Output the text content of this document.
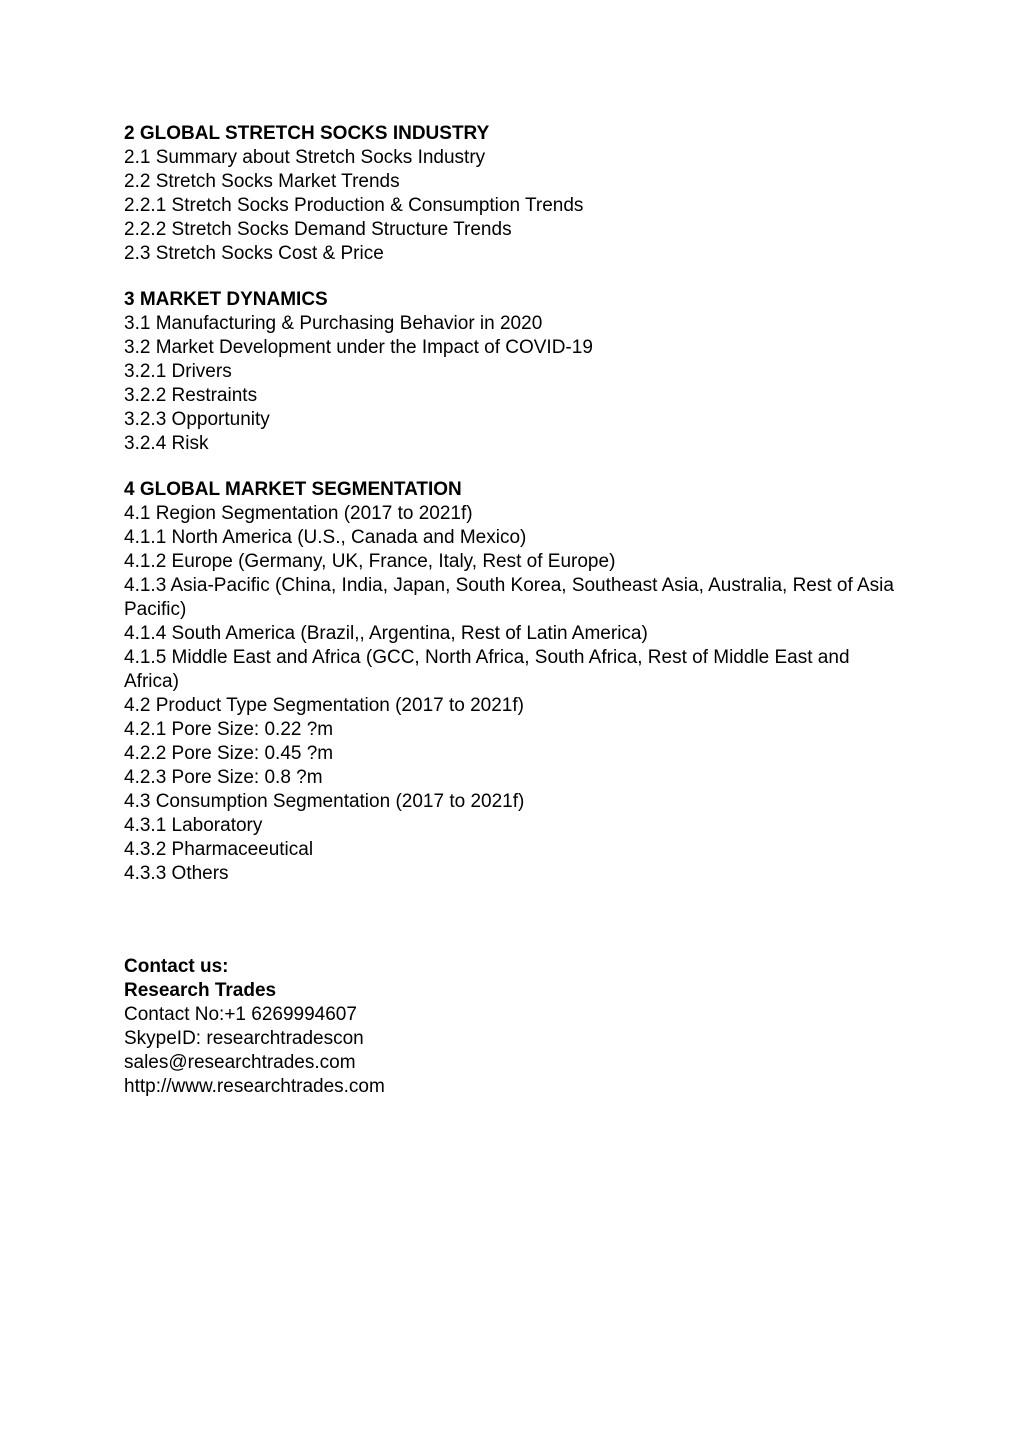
2 GLOBAL STRETCH SOCKS INDUSTRY
2.1 Summary about Stretch Socks Industry
2.2 Stretch Socks Market Trends
2.2.1 Stretch Socks Production & Consumption Trends
2.2.2 Stretch Socks Demand Structure Trends
2.3 Stretch Socks Cost & Price
3 MARKET DYNAMICS
3.1 Manufacturing & Purchasing Behavior in 2020
3.2 Market Development under the Impact of COVID-19
3.2.1 Drivers
3.2.2 Restraints
3.2.3 Opportunity
3.2.4 Risk
4 GLOBAL MARKET SEGMENTATION
4.1 Region Segmentation (2017 to 2021f)
4.1.1 North America (U.S., Canada and Mexico)
4.1.2 Europe (Germany, UK, France, Italy, Rest of Europe)
4.1.3 Asia-Pacific (China, India, Japan, South Korea, Southeast Asia, Australia, Rest of Asia Pacific)
4.1.4 South America (Brazil,, Argentina, Rest of Latin America)
4.1.5 Middle East and Africa (GCC, North Africa, South Africa, Rest of Middle East and Africa)
4.2 Product Type Segmentation (2017 to 2021f)
4.2.1 Pore Size: 0.22 ?m
4.2.2 Pore Size: 0.45 ?m
4.2.3 Pore Size: 0.8 ?m
4.3 Consumption Segmentation (2017 to 2021f)
4.3.1 Laboratory
4.3.2 Pharmaceeutical
4.3.3 Others
Contact us:
Research Trades
Contact No:+1 6269994607
SkypeID: researchtradescon
sales@researchtrades.com
http://www.researchtrades.com
